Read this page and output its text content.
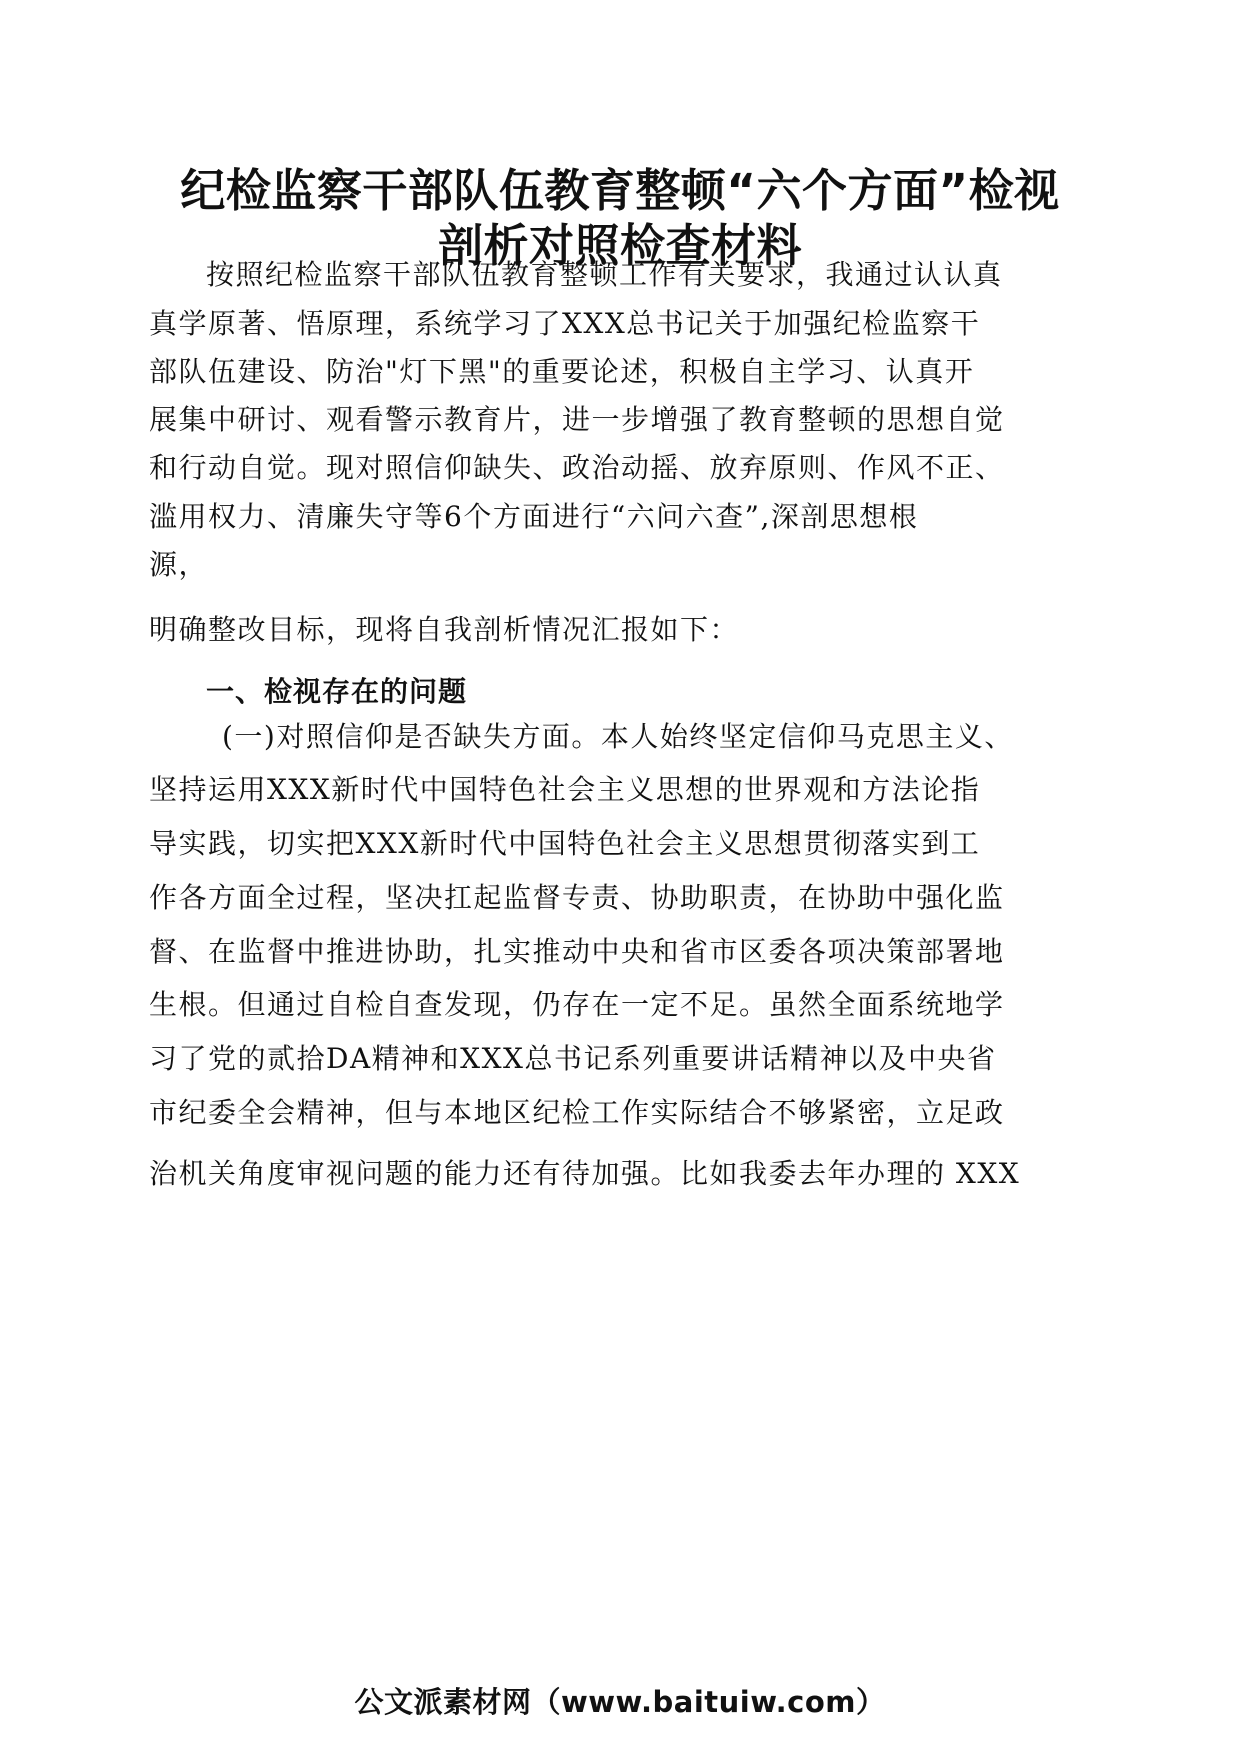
纪检监察干部队伍教育整顿“六个方面”检视
剖析对照检查材料

按照纪检监察干部队伍教育整顿工作有关要求，我通过认认真

真学原著、悟原理，系统学习了XXX总书记关于加强纪检监察干

部队伍建设、防治"灯下黑"的重要论述，积极自主学习、认真开

展集中研讨、观看警示教育片，进一步增强了教育整顿的思想自觉

和行动自觉。现对照信仰缺失、政治动摇、放弃原则、作风不正、

滥用权力、清廉失守等6个方面进行“六问六查”,深剖思想根

源，

明确整改目标，现将自我剖析情况汇报如下：

一、检视存在的问题

(一)对照信仰是否缺失方面。本人始终坚定信仰马克思主义、

坚持运用XXX新时代中国特色社会主义思想的世界观和方法论指

导实践，切实把XXX新时代中国特色社会主义思想贯彻落实到工

作各方面全过程，坚决扛起监督专责、协助职责，在协助中强化监

督、在监督中推进协助，扎实推动中央和省市区委各项决策部署地

生根。但通过自检自查发现，仍存在一定不足。虽然全面系统地学

习了党的贰拾DA精神和XXX总书记系列重要讲话精神以及中央省

市纪委全会精神，但与本地区纪检工作实际结合不够紧密，立足政

治机关角度审视问题的能力还有待加强。比如我委去年办理的 XXX

公文派素材网（www.baituiw.com）
